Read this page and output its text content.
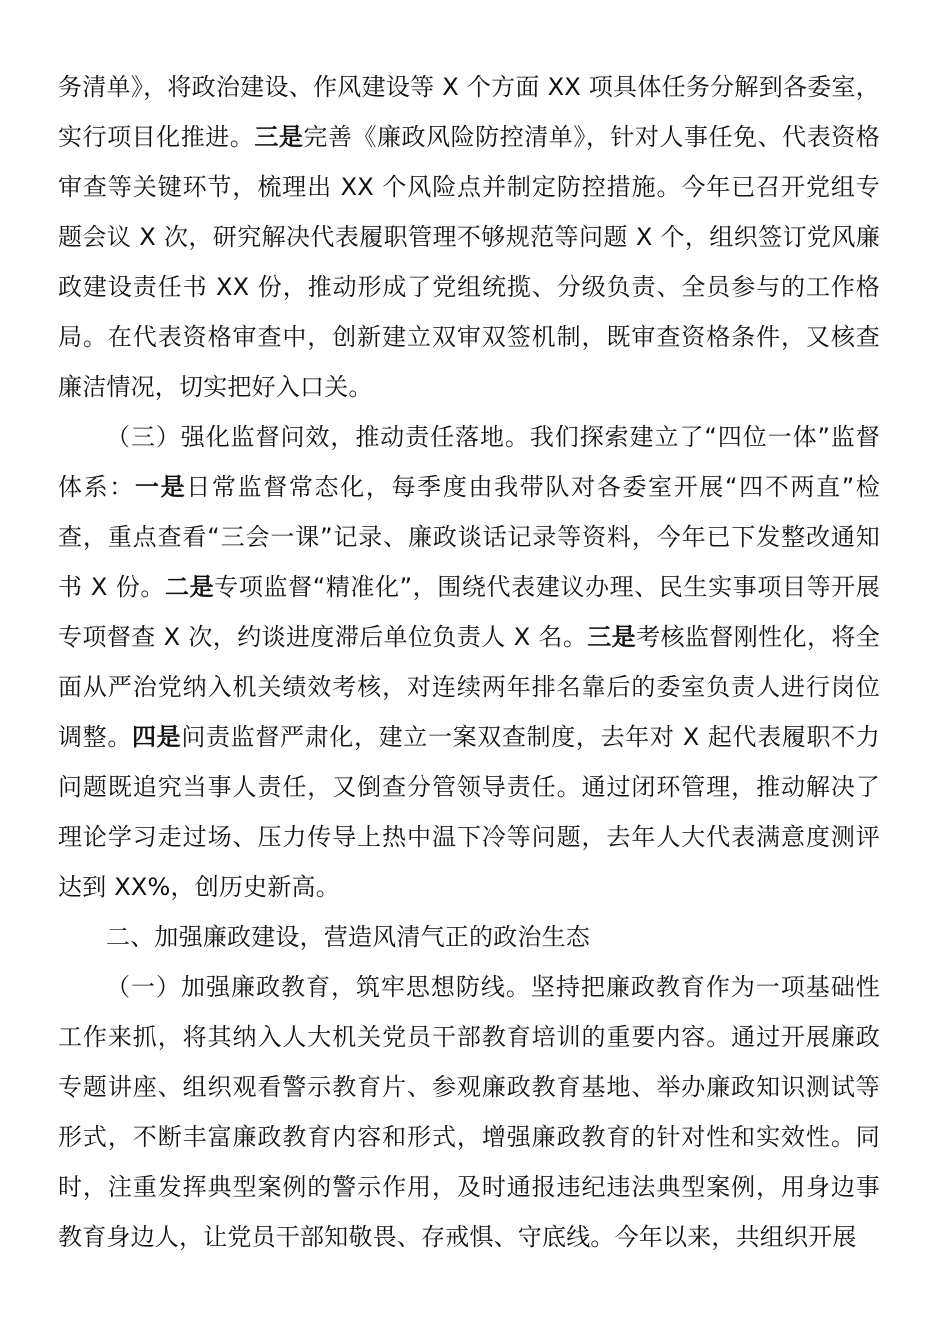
务清单》，将政治建设、作风建设等 X 个方面 XX 项具体任务分解到各委室，实行项目化推进。三是完善《廉政风险防控清单》，针对人事任免、代表资格审查等关键环节，梳理出 XX 个风险点并制定防控措施。今年已召开党组专题会议 X 次，研究解决代表履职管理不够规范等问题 X 个，组织签订党风廉政建设责任书 XX 份，推动形成了党组统揽、分级负责、全员参与的工作格局。在代表资格审查中，创新建立双审双签机制，既审查资格条件，又核查廉洁情况，切实把好入口关。

（三）强化监督问效，推动责任落地。我们探索建立了“四位一体”监督体系：一是日常监督常态化，每季度由我带队对各委室开展“四不两直”检查，重点查看“三会一课”记录、廉政谈话记录等资料，今年已下发整改通知书 X 份。二是专项监督“精准化”，围绕代表建议办理、民生实事项目等开展专项督查 X 次，约谈进度滞后单位负责人 X 名。三是考核监督刚性化，将全面从严治党纳入机关绩效考核，对连续两年排名靠后的委室负责人进行岗位调整。四是问责监督严肃化，建立一案双查制度，去年对 X 起代表履职不力问题既追究当事人责任，又倒查分管领导责任。通过闭环管理，推动解决了理论学习走过场、压力传导上热中温下冷等问题，去年人大代表满意度测评达到 XX%，创历史新高。

二、加强廉政建设，营造风清气正的政治生态

（一）加强廉政教育，筑牢思想防线。坚持把廉政教育作为一项基础性工作来抓，将其纳入人大机关党员干部教育培训的重要内容。通过开展廉政专题讲座、组织观看警示教育片、参观廉政教育基地、举办廉政知识测试等形式，不断丰富廉政教育内容和形式，增强廉政教育的针对性和实效性。同时，注重发挥典型案例的警示作用，及时通报违纪违法典型案例，用身边事教育身边人，让党员干部知敬畏、存戒惧、守底线。今年以来，共组织开展
